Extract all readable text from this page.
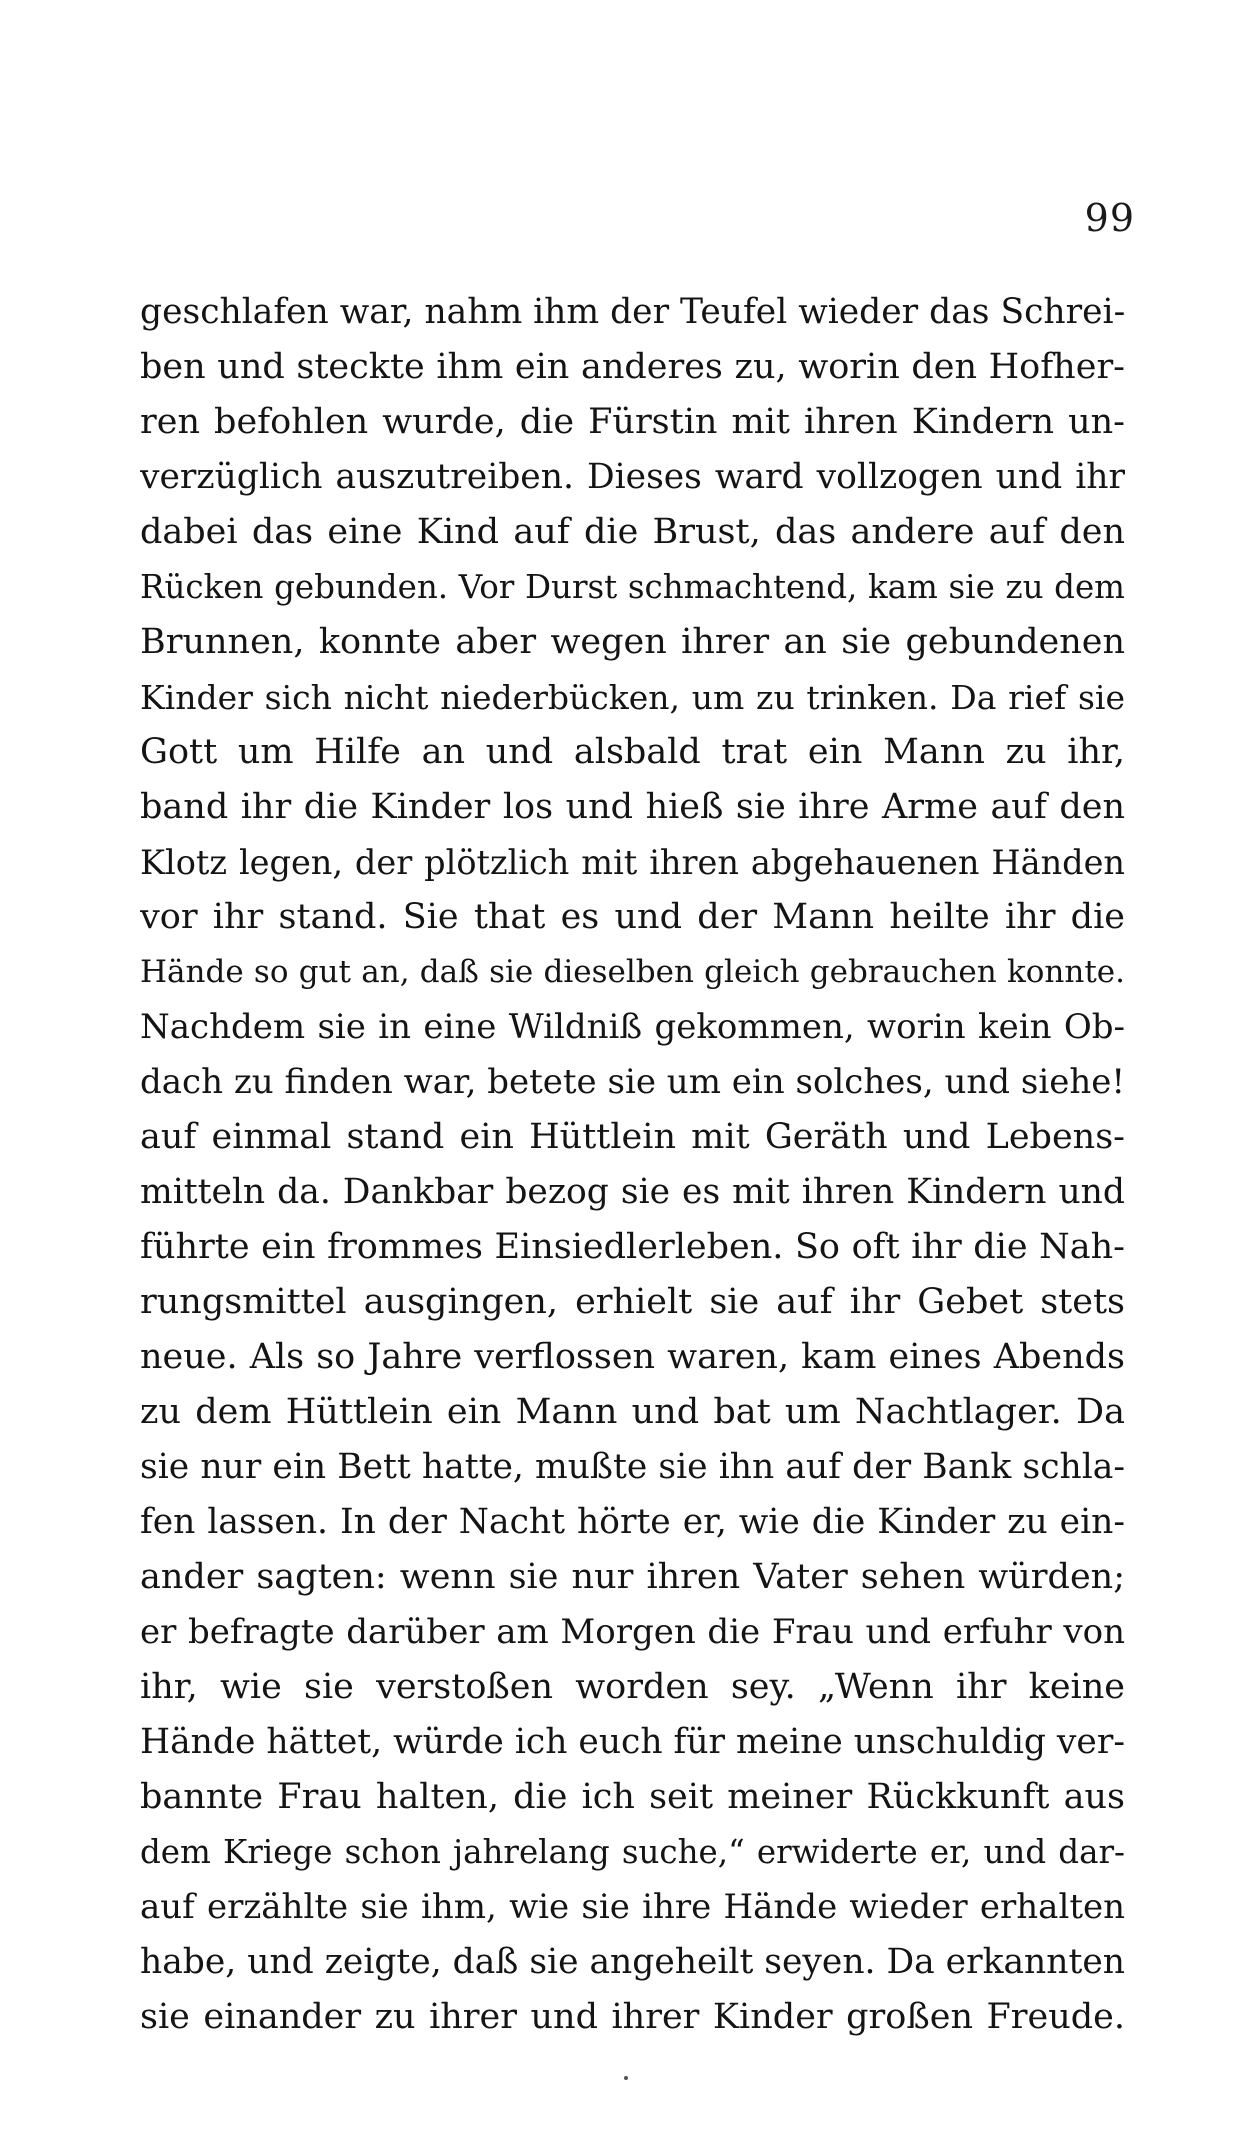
99
geschlafen war, nahm ihm der Teufel wieder das Schrei-
ben und steckte ihm ein anderes zu, worin den Hofher-
ren befohlen wurde, die Fürstin mit ihren Kindern un-
verzüglich auszutreiben. Dieses ward vollzogen und ihr
dabei das eine Kind auf die Brust, das andere auf den
Rücken gebunden. Vor Durst schmachtend, kam sie zu dem
Brunnen, konnte aber wegen ihrer an sie gebundenen
Kinder sich nicht niederbücken, um zu trinken. Da rief sie
Gott um Hilfe an und alsbald trat ein Mann zu ihr,
band ihr die Kinder los und hieß sie ihre Arme auf den
Klotz legen, der plötzlich mit ihren abgehauenen Händen
vor ihr stand. Sie that es und der Mann heilte ihr die
Hände so gut an, daß sie dieselben gleich gebrauchen konnte.
Nachdem sie in eine Wildniß gekommen, worin kein Ob-
dach zu finden war, betete sie um ein solches, und siehe!
auf einmal stand ein Hüttlein mit Geräth und Lebens-
mitteln da. Dankbar bezog sie es mit ihren Kindern und
führte ein frommes Einsiedlerleben. So oft ihr die Nah-
rungsmittel ausgingen, erhielt sie auf ihr Gebet stets
neue. Als so Jahre verflossen waren, kam eines Abends
zu dem Hüttlein ein Mann und bat um Nachtlager. Da
sie nur ein Bett hatte, mußte sie ihn auf der Bank schla-
fen lassen. In der Nacht hörte er, wie die Kinder zu ein-
ander sagten: wenn sie nur ihren Vater sehen würden;
er befragte darüber am Morgen die Frau und erfuhr von
ihr, wie sie verstoßen worden sey. „Wenn ihr keine
Hände hättet, würde ich euch für meine unschuldig ver-
bannte Frau halten, die ich seit meiner Rückkunft aus
dem Kriege schon jahrelang suche,“ erwiderte er, und dar-
auf erzählte sie ihm, wie sie ihre Hände wieder erhalten
habe, und zeigte, daß sie angeheilt seyen. Da erkannten
sie einander zu ihrer und ihrer Kinder großen Freude.
